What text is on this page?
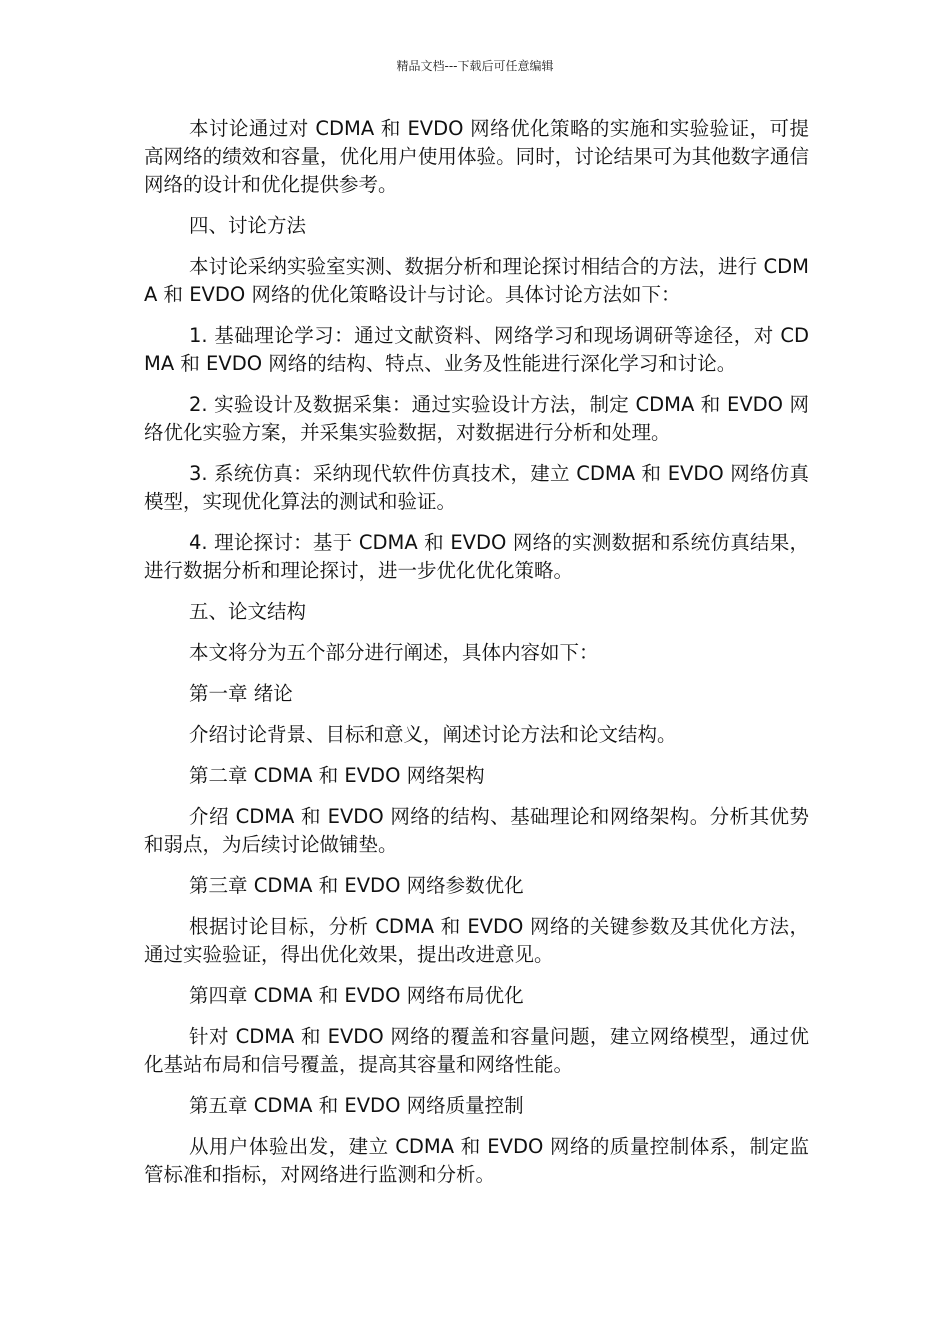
精品文档---下载后可任意编辑

本讨论通过对 CDMA 和 EVDO 网络优化策略的实施和实验验证，可提高网络的绩效和容量，优化用户使用体验。同时，讨论结果可为其他数字通信网络的设计和优化提供参考。

四、讨论方法

本讨论采纳实验室实测、数据分析和理论探讨相结合的方法，进行 CDMA 和 EVDO 网络的优化策略设计与讨论。具体讨论方法如下：

1. 基础理论学习：通过文献资料、网络学习和现场调研等途径，对 CDMA 和 EVDO 网络的结构、特点、业务及性能进行深化学习和讨论。

2. 实验设计及数据采集：通过实验设计方法，制定 CDMA 和 EVDO 网络优化实验方案，并采集实验数据，对数据进行分析和处理。

3. 系统仿真：采纳现代软件仿真技术，建立 CDMA 和 EVDO 网络仿真模型，实现优化算法的测试和验证。

4. 理论探讨：基于 CDMA 和 EVDO 网络的实测数据和系统仿真结果，进行数据分析和理论探讨，进一步优化优化策略。

五、论文结构

本文将分为五个部分进行阐述，具体内容如下：

第一章 绪论

介绍讨论背景、目标和意义，阐述讨论方法和论文结构。

第二章 CDMA 和 EVDO 网络架构

介绍 CDMA 和 EVDO 网络的结构、基础理论和网络架构。分析其优势和弱点，为后续讨论做铺垫。

第三章 CDMA 和 EVDO 网络参数优化

根据讨论目标，分析 CDMA 和 EVDO 网络的关键参数及其优化方法，通过实验验证，得出优化效果，提出改进意见。

第四章 CDMA 和 EVDO 网络布局优化

针对 CDMA 和 EVDO 网络的覆盖和容量问题，建立网络模型，通过优化基站布局和信号覆盖，提高其容量和网络性能。

第五章 CDMA 和 EVDO 网络质量控制

从用户体验出发，建立 CDMA 和 EVDO 网络的质量控制体系，制定监管标准和指标，对网络进行监测和分析。
